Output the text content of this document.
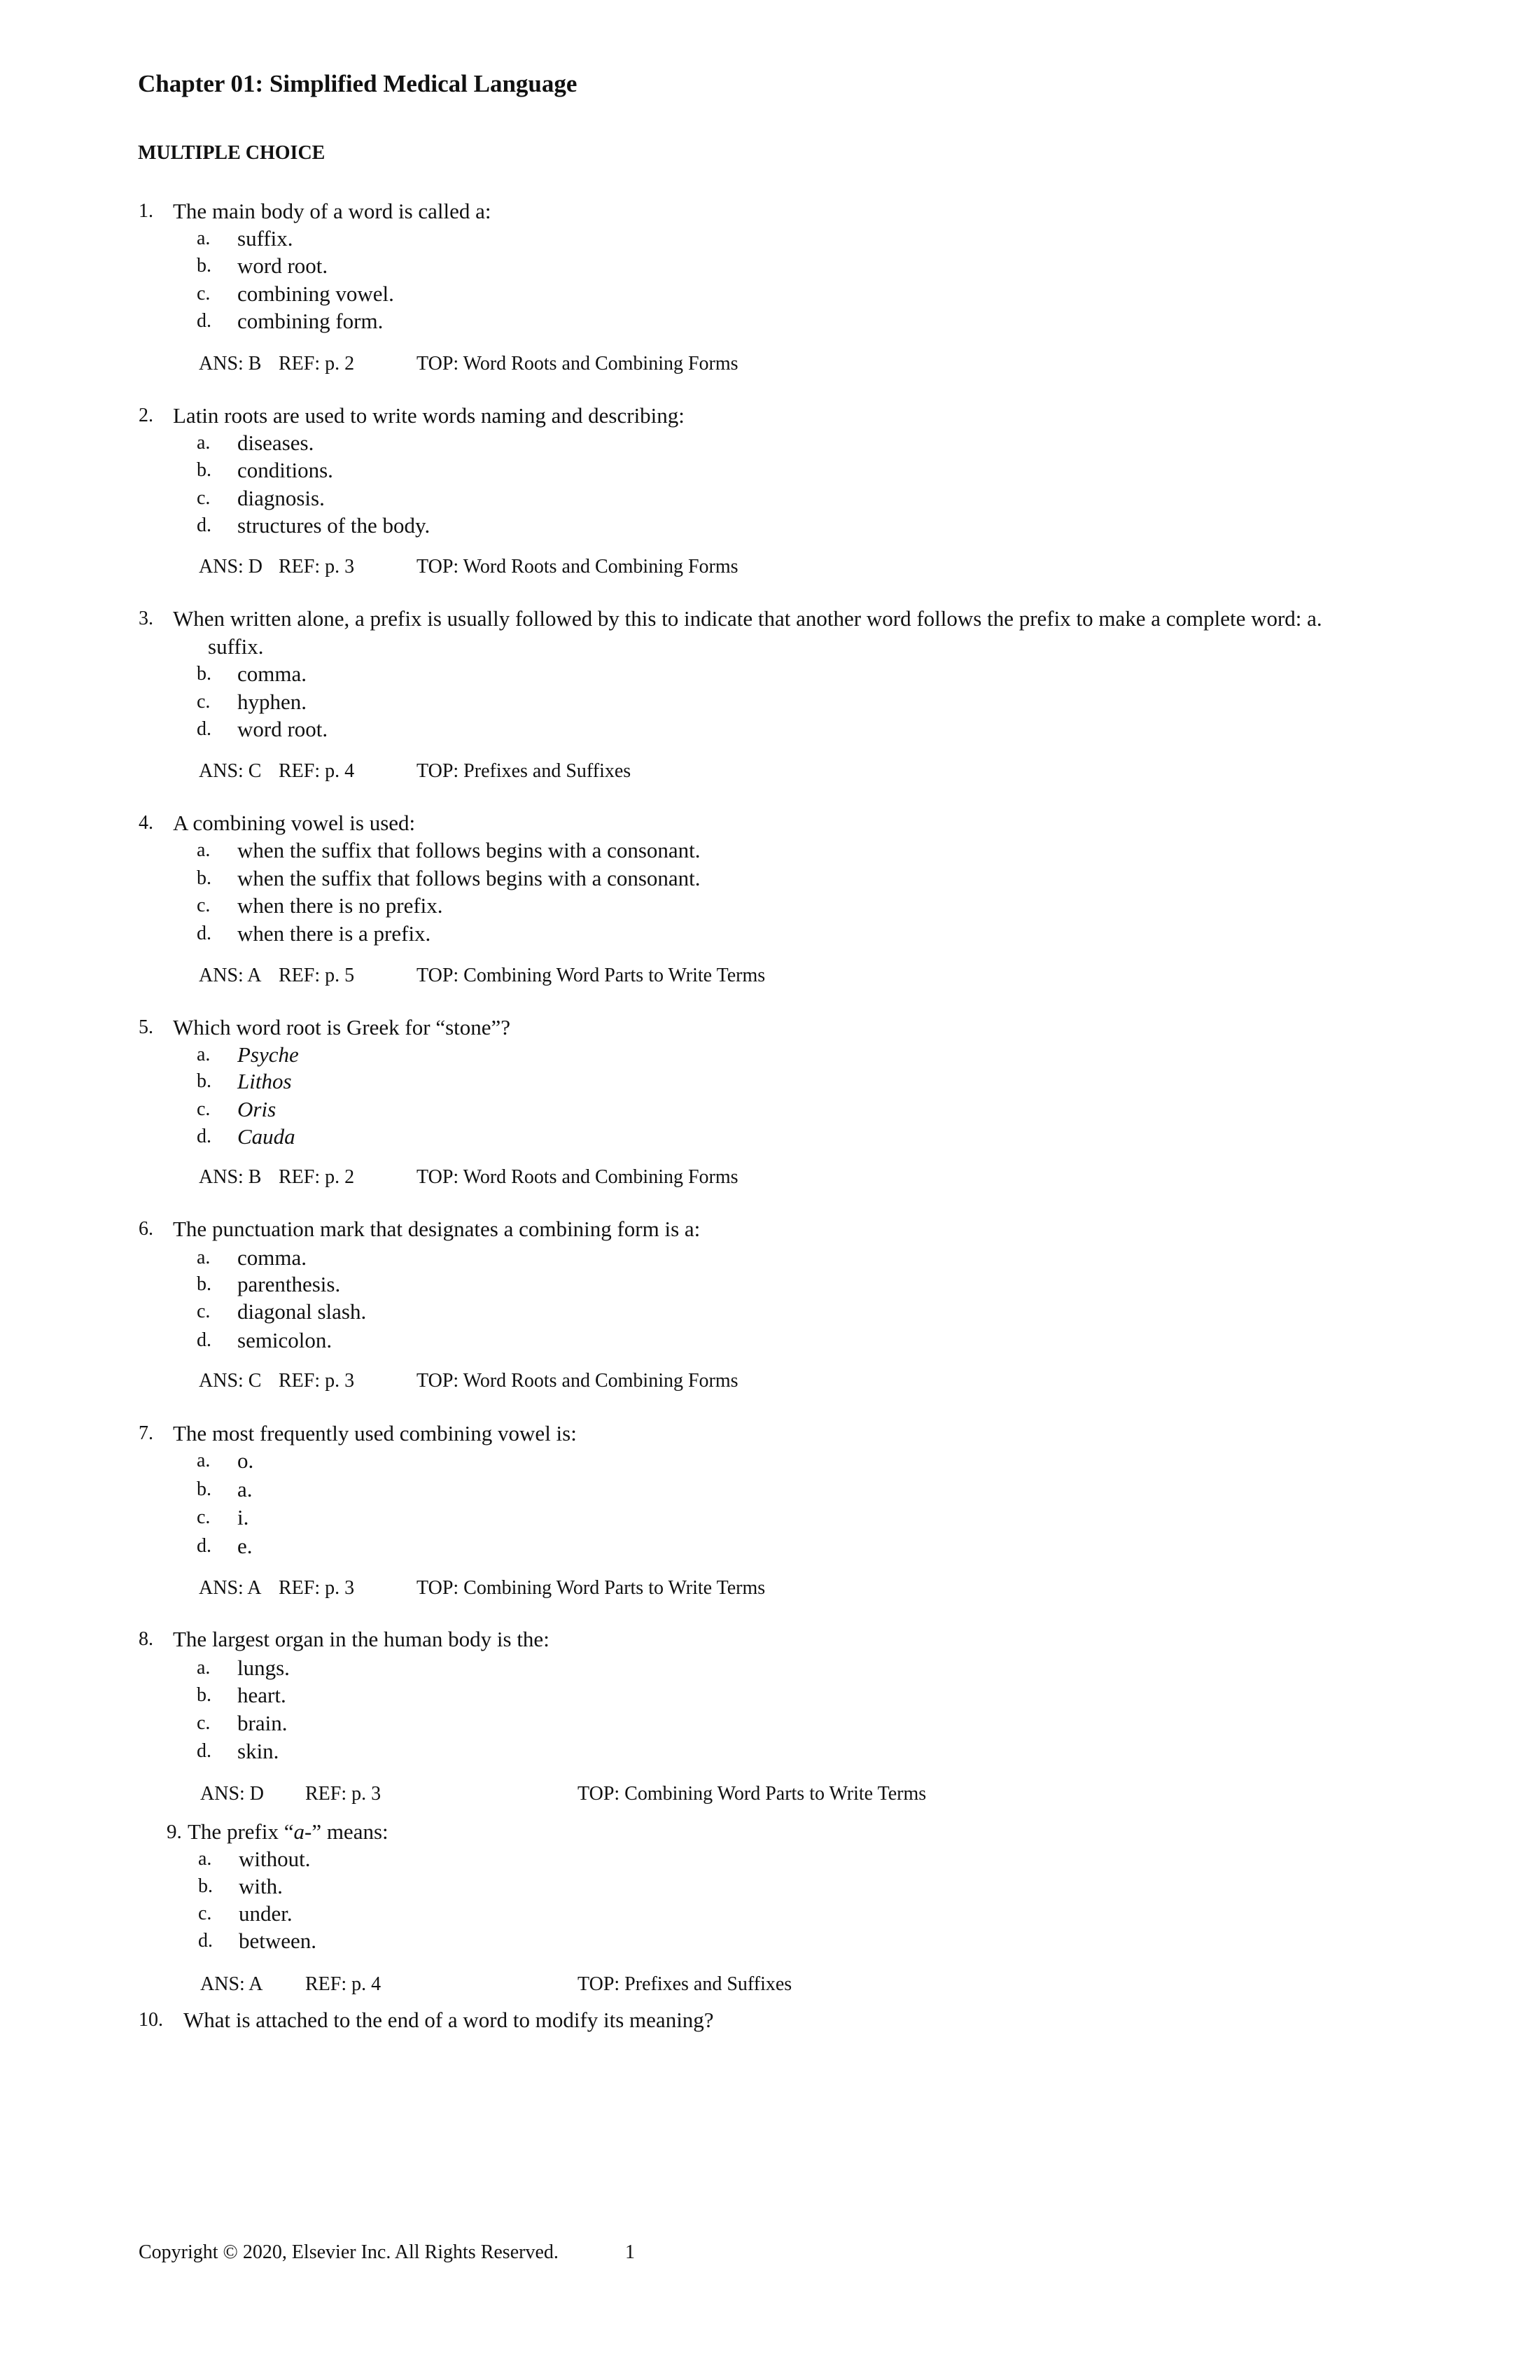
Chapter 01: Simplified Medical Language
MULTIPLE CHOICE
1. The main body of a word is called a:
a. suffix.
b. word root.
c. combining vowel.
d. combining form.
ANS: B REF: p. 2	TOP: Word Roots and Combining Forms
2. Latin roots are used to write words naming and describing:
a. diseases.
b. conditions.
c. diagnosis.
d. structures of the body.
ANS: D REF: p. 3	TOP: Word Roots and Combining Forms
3. When written alone, a prefix is usually followed by this to indicate that another word follows the prefix to make a complete word: a.
suffix.
b. comma.
c. hyphen.
d. word root.
ANS: C REF: p. 4	TOP: Prefixes and Suffixes
4. A combining vowel is used:
a. when the suffix that follows begins with a consonant.
b. when the suffix that follows begins with a consonant.
c. when there is no prefix.
d. when there is a prefix.
ANS: A REF: p. 5	TOP: Combining Word Parts to Write Terms
5. Which word root is Greek for “stone”?
a. Psyche
b. Lithos
c. Oris
d. Cauda
ANS: B REF: p. 2	TOP: Word Roots and Combining Forms
6. The punctuation mark that designates a combining form is a:
a. comma.
b. parenthesis.
c. diagonal slash.
d. semicolon.
ANS: C REF: p. 3	TOP: Word Roots and Combining Forms
7. The most frequently used combining vowel is:
a. o.
b. a.
c. i.
d. e.
ANS: A REF: p. 3	TOP: Combining Word Parts to Write Terms
8. The largest organ in the human body is the:
a. lungs.
b. heart.
c. brain.
d. skin.
ANS: D REF: p. 3	TOP: Combining Word Parts to Write Terms
9. The prefix “a-” means:
a. without.
b. with.
c. under.
d. between.
ANS: A REF: p. 4	TOP: Prefixes and Suffixes
10. What is attached to the end of a word to modify its meaning?
Copyright © 2020, Elsevier Inc. All Rights Reserved.	1
